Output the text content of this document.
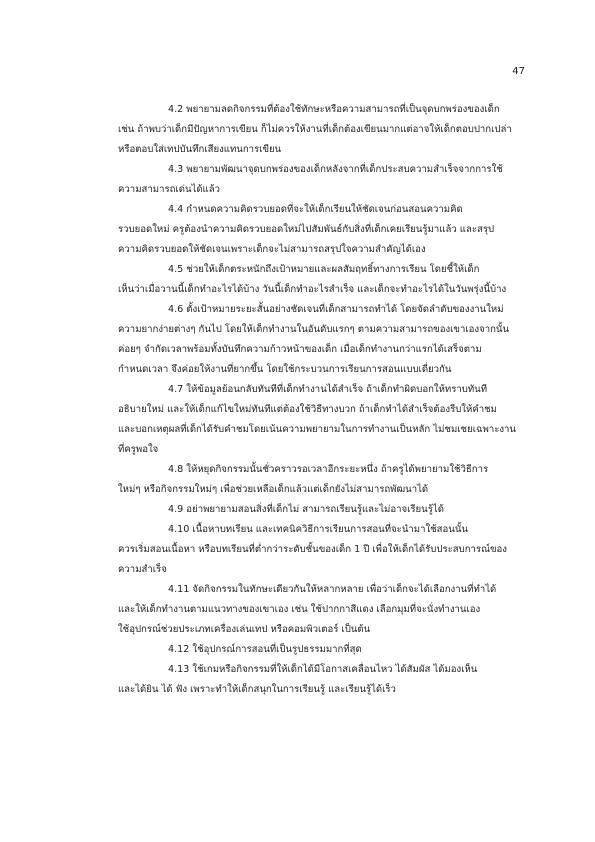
47
4.2 พยายามลดกิจกรรมที่ต้องใช้ทักษะหรือความสามารถที่เป็นจุดบกพร่องของเด็ก
เช่น ถ้าพบว่าเด็กมีปัญหาการเขียน ก็ไม่ควรให้งานที่เด็กต้องเขียนมากแต่อาจให้เด็กตอบปากเปล่า
หรือตอบใส่เทปบันทึกเสียงแทนการเขียน
4.3 พยายามพัฒนาจุดบกพร่องของเด็กหลังจากที่เด็กประสบความสำเร็จจากการใช้
ความสามารถเด่นได้แล้ว
4.4 กำหนดความคิดรวบยอดที่จะให้เด็กเรียนให้ชัดเจนก่อนสอนความคิด
รวบยอดใหม่ ครูต้องนำความคิดรวบยอดใหม่ไปสัมพันธ์กับสิ่งที่เด็กเคยเรียนรู้มาแล้ว และสรุป
ความคิดรวบยอดให้ชัดเจนเพราะเด็กจะไม่สามารถสรุปใจความสำคัญได้เอง
4.5 ช่วยให้เด็กตระหนักถึงเป้าหมายและผลสัมฤทธิ์ทางการเรียน โดยชี้ให้เด็ก
เห็นว่าเมื่อวานนี้เด็กทำอะไรได้บ้าง วันนี้เด็กทำอะไรสำเร็จ และเด็กจะทำอะไรได้ในวันพรุ่งนี้บ้าง
4.6 ตั้งเป้าหมายระยะสั้นอย่างชัดเจนที่เด็กสามารถทำได้ โดยจัดลำดับของงานใหม่
ความยากง่ายต่างๆ กันไป โดยให้เด็กทำงานในอันดับแรกๆ ตามความสามารถของเขาเองจากนั้น
ค่อยๆ จำกัดเวลาพร้อมทั้งบันทึกความก้าวหน้าของเด็ก เมื่อเด็กทำงานกว่าแรกได้เสร็จตาม
กำหนดเวลา จึงค่อยให้งานที่ยากขึ้น โดยใช้กระบวนการเรียนการสอนแบบเดี่ยวกัน
4.7 ให้ข้อมูลย้อนกลับทันทีที่เด็กทำงานได้สำเร็จ ถ้าเด็กทำผิดบอกให้ทราบทันที
อธิบายใหม่ และให้เด็กแก้ไขใหม่ทันทีแต่ต้องใช้วิธีทางบวก ถ้าเด็กทำได้สำเร็จต้องรีบให้คำชม
และบอกเหตุผลที่เด็กได้รับคำชมโดยเน้นความพยายามในการทำงานเป็นหลัก ไม่ชมเชยเฉพาะงาน
ที่ครูพอใจ
4.8 ให้หยุดกิจกรรมนั้นชั่วคราวรอเวลาอีกระยะหนึ่ง ถ้าครูได้พยายามใช้วิธีการ
ใหม่ๆ หรือกิจกรรมใหม่ๆ เพื่อช่วยเหลือเด็กแล้วแต่เด็กยังไม่สามารถพัฒนาได้
4.9 อย่าพยายามสอนสิ่งที่เด็กไม่ สามารถเรียนรู้และไม่อาจเรียนรู้ได้
4.10 เนื้อหาบทเรียน และเทคนิควิธีการเรียนการสอนที่จะนำมาใช้สอนนั้น
ควรเริ่มสอนเนื้อหา หรือบทเรียนที่ต่ำกว่าระดับชั้นของเด็ก 1 ปี เพื่อให้เด็กได้รับประสบการณ์ของ
ความสำเร็จ
4.11 จัดกิจกรรมในทักษะเดียวกันให้หลากหลาย เพื่อว่าเด็กจะได้เลือกงานที่ทำได้
และให้เด็กทำงานตามแนวทางของเขาเอง เช่น ใช้ปากกาสีแดง เลือกมุมที่จะนั่งทำงานเอง
ใช้อุปกรณ์ช่วยประเภทเครื่องเล่นเทป หรือคอมพิวเตอร์ เป็นต้น
4.12 ใช้อุปกรณ์การสอนที่เป็นรูปธรรมมากที่สุด
4.13 ใช้เกมหรือกิจกรรมที่ให้เด็กได้มีโอกาสเคลื่อนไหว ได้สัมผัส ได้มองเห็น
และได้ยิน ได้ ฟัง เพราะทำให้เด็กสนุกในการเรียนรู้ และเรียนรู้ได้เร็ว
